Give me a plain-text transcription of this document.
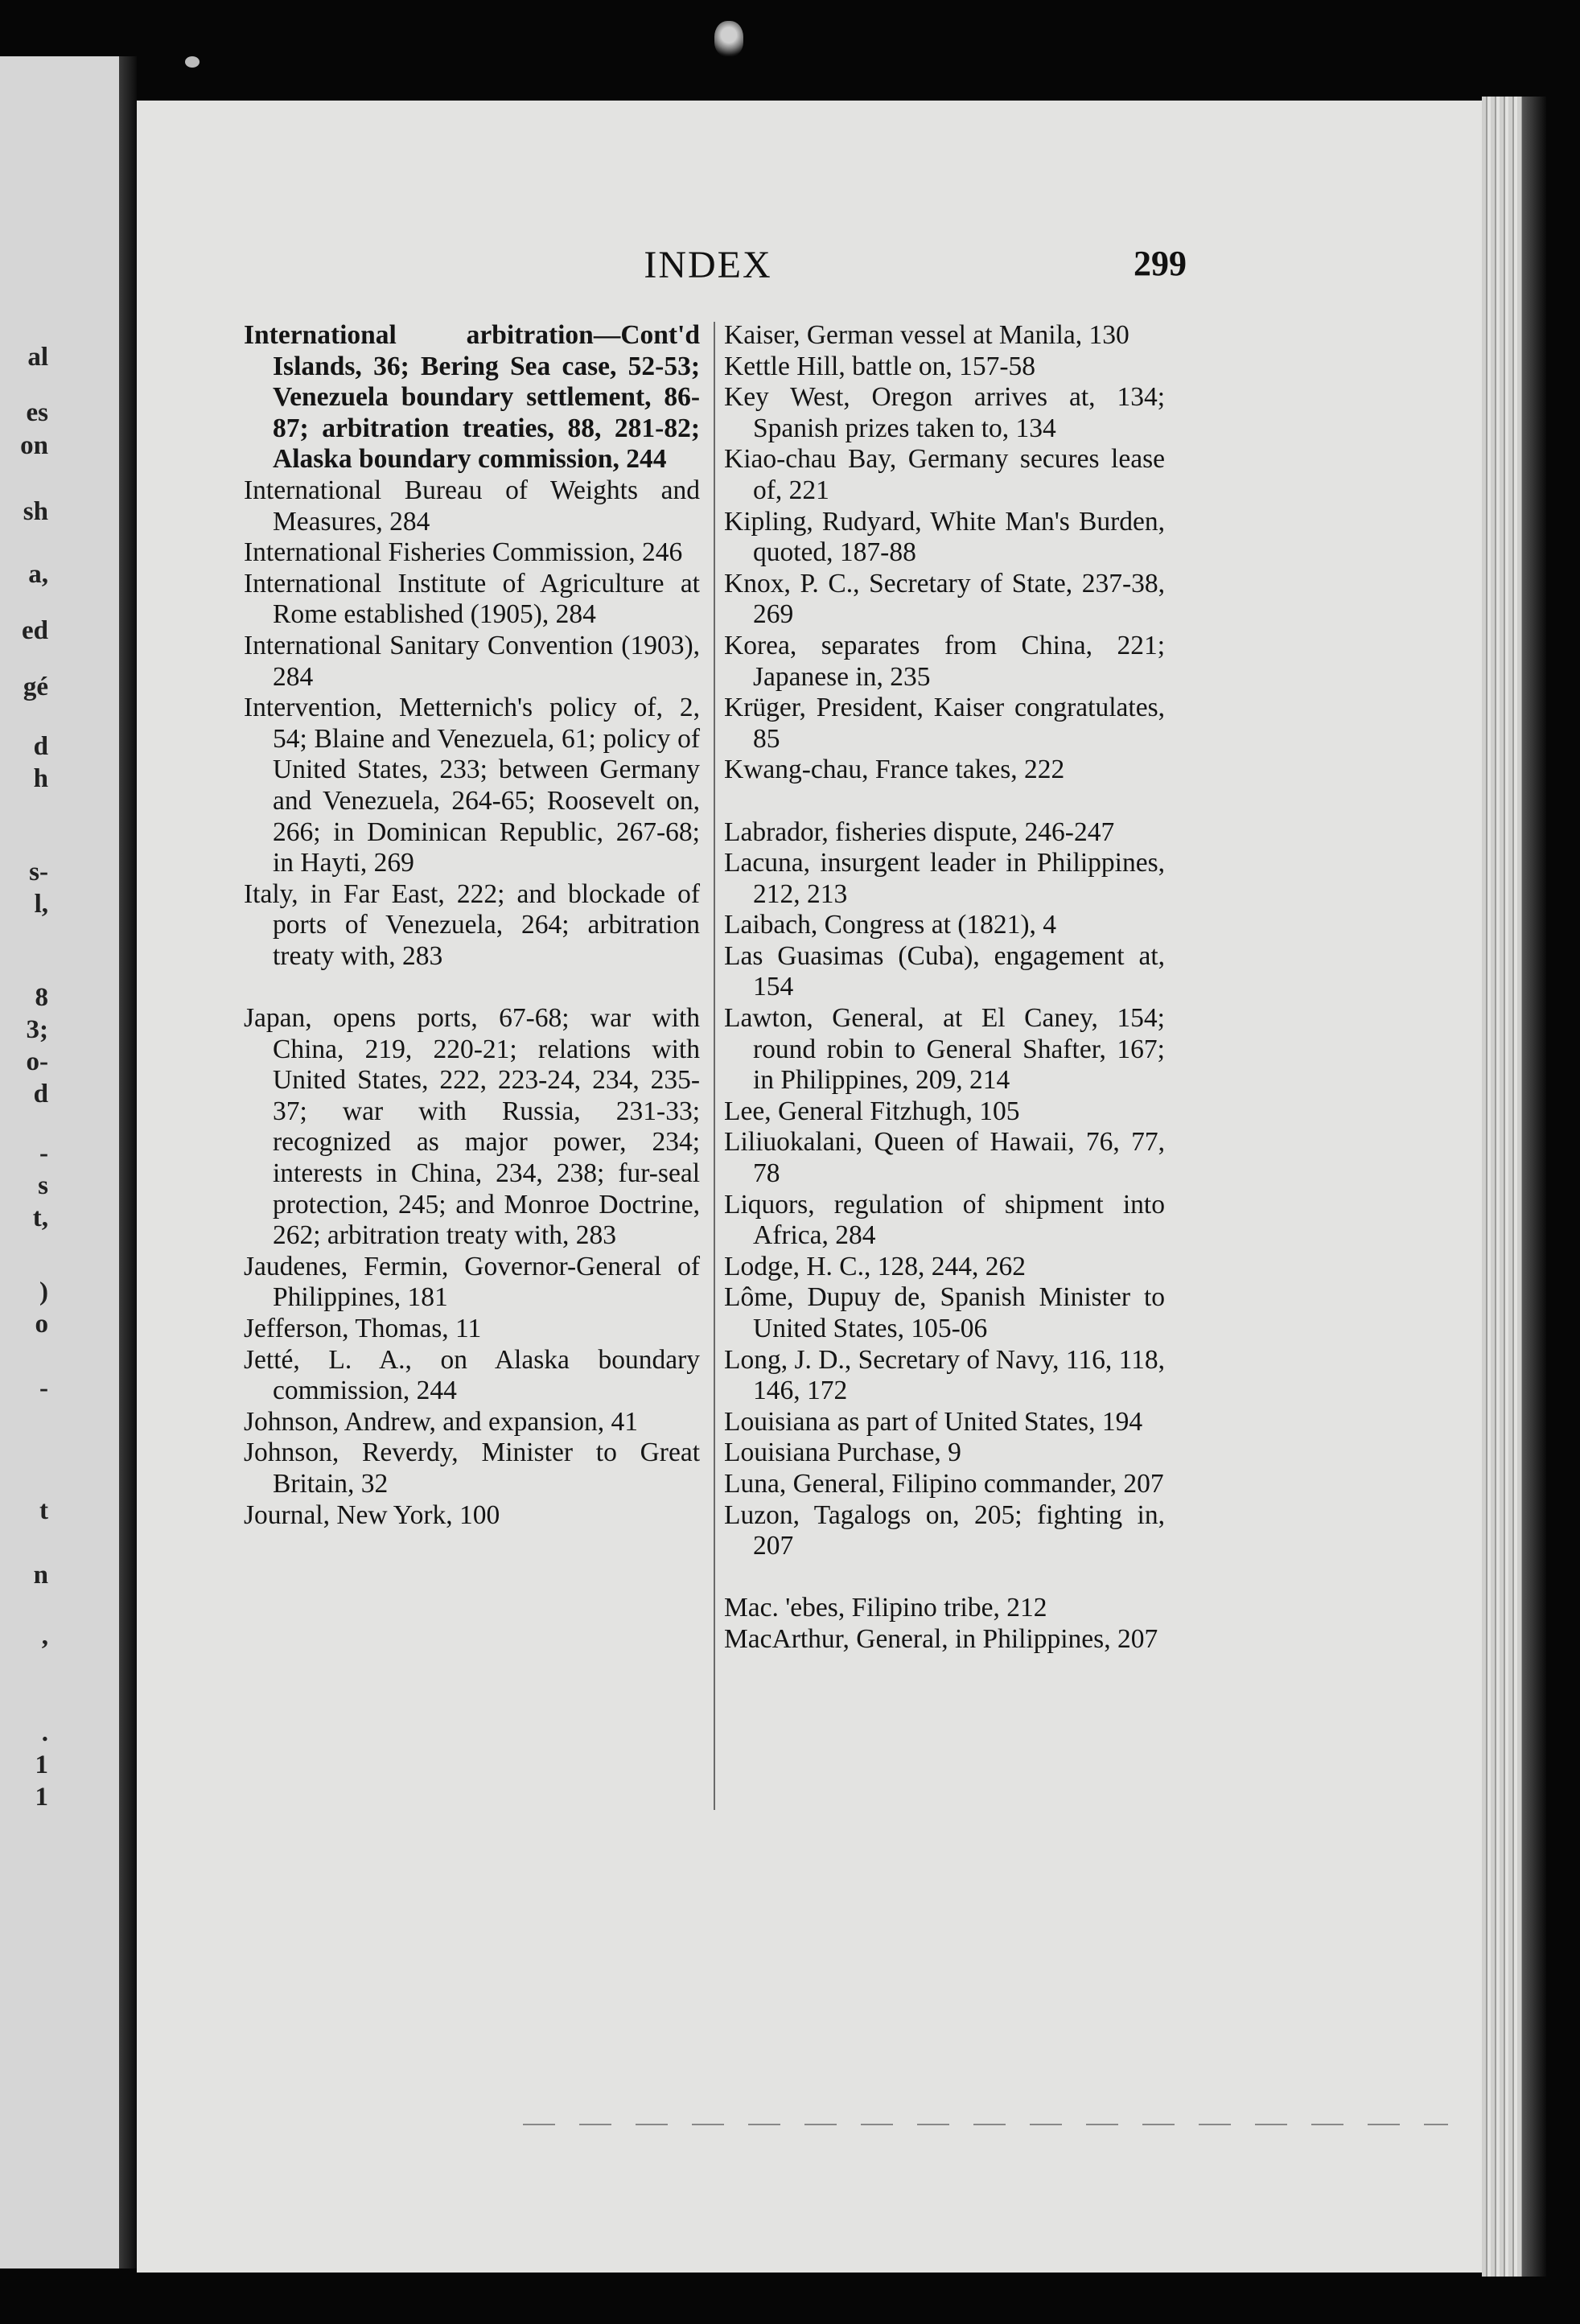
al
es
on
sh
a,
ed
gé
d
h
s-
l,
8
3;
o-
d
-
s
t,
)
o
-
t
n
,
.
1
1
INDEX	299

International arbitration—Cont'd Islands, 36; Bering Sea case, 52-53; Venezuela boundary settlement, 86-87; arbitration treaties, 88, 281-82; Alaska boundary commission, 244

International Bureau of Weights and Measures, 284

International Fisheries Commission, 246

International Institute of Agriculture at Rome established (1905), 284

International Sanitary Convention (1903), 284

Intervention, Metternich's policy of, 2, 54; Blaine and Venezuela, 61; policy of United States, 233; between Germany and Venezuela, 264-65; Roosevelt on, 266; in Dominican Republic, 267-68; in Hayti, 269

Italy, in Far East, 222; and blockade of ports of Venezuela, 264; arbitration treaty with, 283

Japan, opens ports, 67-68; war with China, 219, 220-21; relations with United States, 222, 223-24, 234, 235-37; war with Russia, 231-33; recognized as major power, 234; interests in China, 234, 238; fur-seal protection, 245; and Monroe Doctrine, 262; arbitration treaty with, 283

Jaudenes, Fermin, Governor-General of Philippines, 181

Jefferson, Thomas, 11

Jetté, L. A., on Alaska boundary commission, 244

Johnson, Andrew, and expansion, 41

Johnson, Reverdy, Minister to Great Britain, 32

Journal, New York, 100

Kaiser, German vessel at Manila, 130

Kettle Hill, battle on, 157-58

Key West, Oregon arrives at, 134; Spanish prizes taken to, 134

Kiao-chau Bay, Germany secures lease of, 221

Kipling, Rudyard, White Man's Burden, quoted, 187-88

Knox, P. C., Secretary of State, 237-38, 269

Korea, separates from China, 221; Japanese in, 235

Krüger, President, Kaiser congratulates, 85

Kwang-chau, France takes, 222

Labrador, fisheries dispute, 246-247

Lacuna, insurgent leader in Philippines, 212, 213

Laibach, Congress at (1821), 4

Las Guasimas (Cuba), engagement at, 154

Lawton, General, at El Caney, 154; round robin to General Shafter, 167; in Philippines, 209, 214

Lee, General Fitzhugh, 105

Liliuokalani, Queen of Hawaii, 76, 77, 78

Liquors, regulation of shipment into Africa, 284

Lodge, H. C., 128, 244, 262

Lôme, Dupuy de, Spanish Minister to United States, 105-06

Long, J. D., Secretary of Navy, 116, 118, 146, 172

Louisiana as part of United States, 194

Louisiana Purchase, 9

Luna, General, Filipino commander, 207

Luzon, Tagalogs on, 205; fighting in, 207

Mac. 'ebes, Filipino tribe, 212

MacArthur, General, in Philippines, 207
